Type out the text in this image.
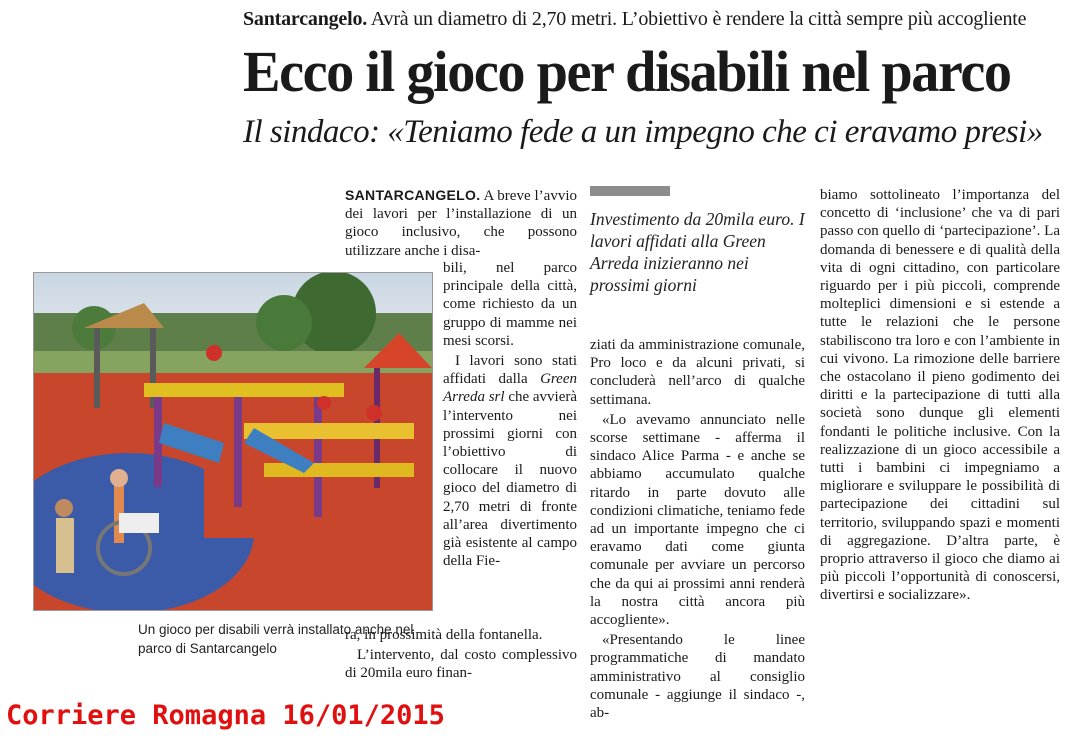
Santarcangelo. Avrà un diametro di 2,70 metri. L’obiettivo è rendere la città sempre più accogliente
Ecco il gioco per disabili nel parco
Il sindaco: «Teniamo fede a un impegno che ci eravamo presi»

SANTARCANGELO. A breve l’avvio dei lavori per l’installazione di un gioco inclusivo, che possono utilizzare anche i disa-

bili, nel parco principale della città, come richiesto da un gruppo di mamme nei mesi scorsi.

I lavori sono stati affidati dalla Green Arreda srl che avvierà l’intervento nei prossimi giorni con l’obiettivo di collocare il nuovo gioco del diametro di 2,70 metri di fronte all’area divertimento già esistente al campo della Fie-

ra, in prossimità della fontanella.

L’intervento, dal costo complessivo di 20mila euro finan-

Un gioco per disabili verrà installato anche nel parco di Santarcangelo
Investimento da 20mila euro. I lavori affidati alla Green Arreda inizieranno nei prossimi giorni

ziati da amministrazione comunale, Pro loco e da alcuni privati, si concluderà nell’arco di qualche settimana.

«Lo avevamo annunciato nelle scorse settimane - afferma il sindaco Alice Parma - e anche se abbiamo accumulato qualche ritardo in parte dovuto alle condizioni climatiche, teniamo fede ad un importante impegno che ci eravamo dati come giunta comunale per avviare un percorso che da qui ai prossimi anni renderà la nostra città ancora più accogliente».

«Presentando le linee programmatiche di mandato amministrativo al consiglio comunale - aggiunge il sindaco -, ab-

biamo sottolineato l’importanza del concetto di ‘inclusione’ che va di pari passo con quello di ‘partecipazione’. La domanda di benessere e di qualità della vita di ogni cittadino, con particolare riguardo per i più piccoli, comprende molteplici dimensioni e si estende a tutte le relazioni che le persone stabiliscono tra loro e con l’ambiente in cui vivono. La rimozione delle barriere che ostacolano il pieno godimento dei diritti e la partecipazione di tutti alla società sono dunque gli elementi fondanti le politiche inclusive. Con la realizzazione di un gioco accessibile a tutti i bambini ci impegniamo a migliorare e sviluppare le possibilità di partecipazione dei cittadini sul territorio, sviluppando spazi e momenti di aggregazione. D’altra parte, è proprio attraverso il gioco che diamo ai più piccoli l’opportunità di conoscersi, divertirsi e socializzare».

Corriere Romagna 16/01/2015
